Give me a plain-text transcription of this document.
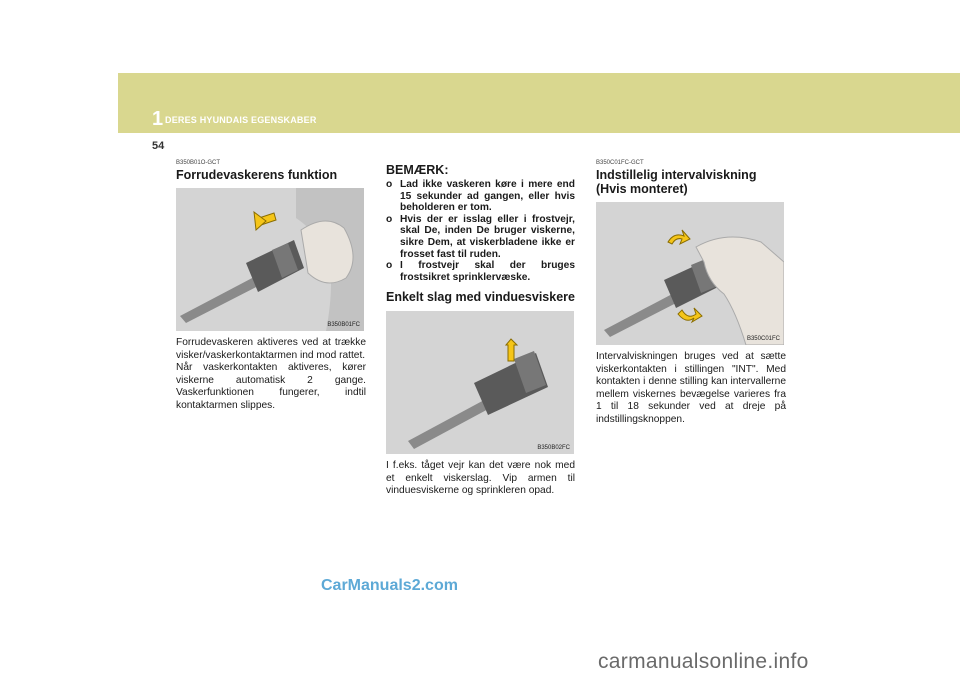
1 DERES HYUNDAIS EGENSKABER
54

B350B01O-GCT

Forrudevaskerens funktion
B350B01FC

Forrudevaskeren aktiveres ved at trække visker/vaskerkontaktarmen ind mod rattet.

Når vaskerkontakten aktiveres, kører viskerne automatisk 2 gange. Vaskerfunktionen fungerer, indtil kontaktarmen slippes.

BEMÆRK:
o Lad ikke vaskeren køre i mere end 15 sekunder ad gangen, eller hvis beholderen er tom.
o Hvis der er isslag eller i frostvejr, skal De, inden De bruger viskerne, sikre Dem, at viskerbladene ikke er frosset fast til ruden.
o I frostvejr skal der bruges frostsikret sprinklervæske.
Enkelt slag med vinduesviskere
B350B02FC

I f.eks. tåget vejr kan det være nok med et enkelt viskerslag. Vip armen til vinduesviskerne og sprinkleren opad.

B350C01FC-GCT

Indstillelig intervalviskning
(Hvis monteret)
B350C01FC

Intervalviskningen bruges ved at sætte viskerkontakten i stillingen "INT". Med kontakten i denne stilling kan intervallerne mellem viskernes bevægelse varieres fra 1 til 18 sekunder ved at dreje på indstillingsknoppen.

CarManuals2.com
carmanualsonline.info
